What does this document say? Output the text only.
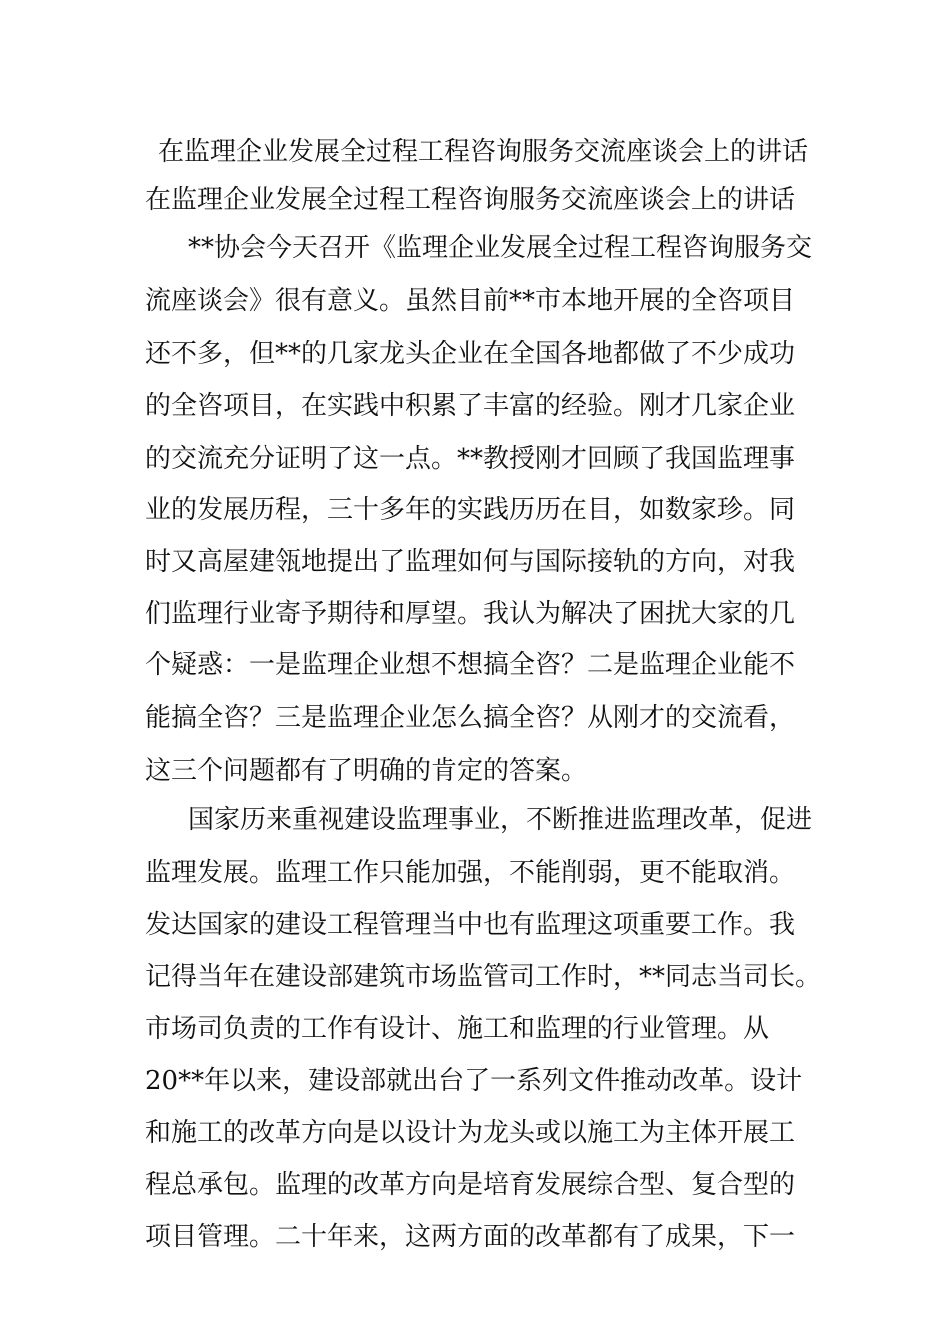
在监理企业发展全过程工程咨询服务交流座谈会上的讲话
在监理企业发展全过程工程咨询服务交流座谈会上的讲话
**协会今天召开《监理企业发展全过程工程咨询服务交
流座谈会》很有意义。虽然目前**市本地开展的全咨项目
还不多，但**的几家龙头企业在全国各地都做了不少成功
的全咨项目，在实践中积累了丰富的经验。刚才几家企业
的交流充分证明了这一点。**教授刚才回顾了我国监理事
业的发展历程，三十多年的实践历历在目，如数家珍。同
时又高屋建瓴地提出了监理如何与国际接轨的方向，对我
们监理行业寄予期待和厚望。我认为解决了困扰大家的几
个疑惑：一是监理企业想不想搞全咨？二是监理企业能不
能搞全咨？三是监理企业怎么搞全咨？从刚才的交流看，
这三个问题都有了明确的肯定的答案。
国家历来重视建设监理事业，不断推进监理改革，促进
监理发展。监理工作只能加强，不能削弱，更不能取消。
发达国家的建设工程管理当中也有监理这项重要工作。我
记得当年在建设部建筑市场监管司工作时，**同志当司长。
市场司负责的工作有设计、施工和监理的行业管理。从
20**年以来，建设部就出台了一系列文件推动改革。设计
和施工的改革方向是以设计为龙头或以施工为主体开展工
程总承包。监理的改革方向是培育发展综合型、复合型的
项目管理。二十年来，这两方面的改革都有了成果，下一
